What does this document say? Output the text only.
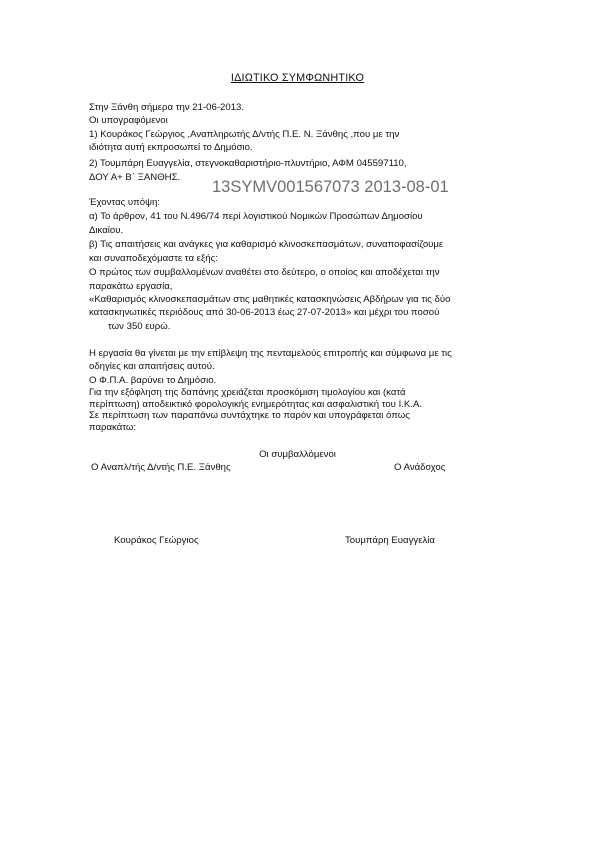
ΙΔΙΩΤΙΚΟ ΣΥΜΦΩΝΗΤΙΚΟ
Στην Ξάνθη σήμερα την 21-06-2013.
Οι υπογραφόμενοι
1) Κουράκος Γεώργιος ,Αναπληρωτής Δ/ντής Π.Ε. Ν. Ξάνθης ,που με την
ιδιότητα αυτή εκπροσωπεί το Δημόσιο.
2) Τουμπάρη Ευαγγελία, στεγνοκαθαριστήριο-πλυντήριο, ΑΦΜ 045597110,
ΔΟΥ Α+ Β΄ ΞΑΝΘΗΣ.
13SYMV001567073 2013-08-01
Έχοντας υπόψη:
α) Το άρθρον, 41 του Ν.496/74 περί λογιστικού Νομικών Προσώπων Δημοσίου
Δικαίου.
β) Τις απαιτήσεις και ανάγκες για καθαρισμό κλινοσκεπασμάτων, συναποφασίζουμε
και συναποδεχόμαστε τα εξής:
Ο πρώτος των συμβαλλομένων αναθέτει στο δεύτερο, ο οποίος και αποδέχεται την
παρακάτω εργασία,
«Καθαρισμός κλινοσκεπασμάτων στις μαθητικές κατασκηνώσεις Αβδήρων για τις δύο
κατασκηνωτικές περιόδους από 30-06-2013 έως 27-07-2013» και μέχρι του ποσού
των 350 ευρώ.
Η εργασία θα γίνεται με την επίβλεψη της πενταμελούς επιτροπής και σύμφωνα με τις
οδηγίες και απαιτήσεις αυτού.
Ο Φ.Π.Α. βαρύνει το Δημόσιο.
Για την εξόφληση της δαπάνης χρειάζεται προσκόμιση τιμολογίου και (κατά
περίπτωση) αποδεικτικό φορολογικής ενημερότητας και ασφαλιστική του Ι.Κ.Α.
Σε περίπτωση των παραπάνω συντάχτηκε το παρόν και υπογράφεται όπως
παρακάτω:
Οι συμβαλλόμενοι
Ο Αναπλ/τής Δ/ντής Π.Ε. Ξάνθης	Ο Ανάδοχος
Κουράκος Γεώργιος	Τουμπάρη Ευαγγελία
